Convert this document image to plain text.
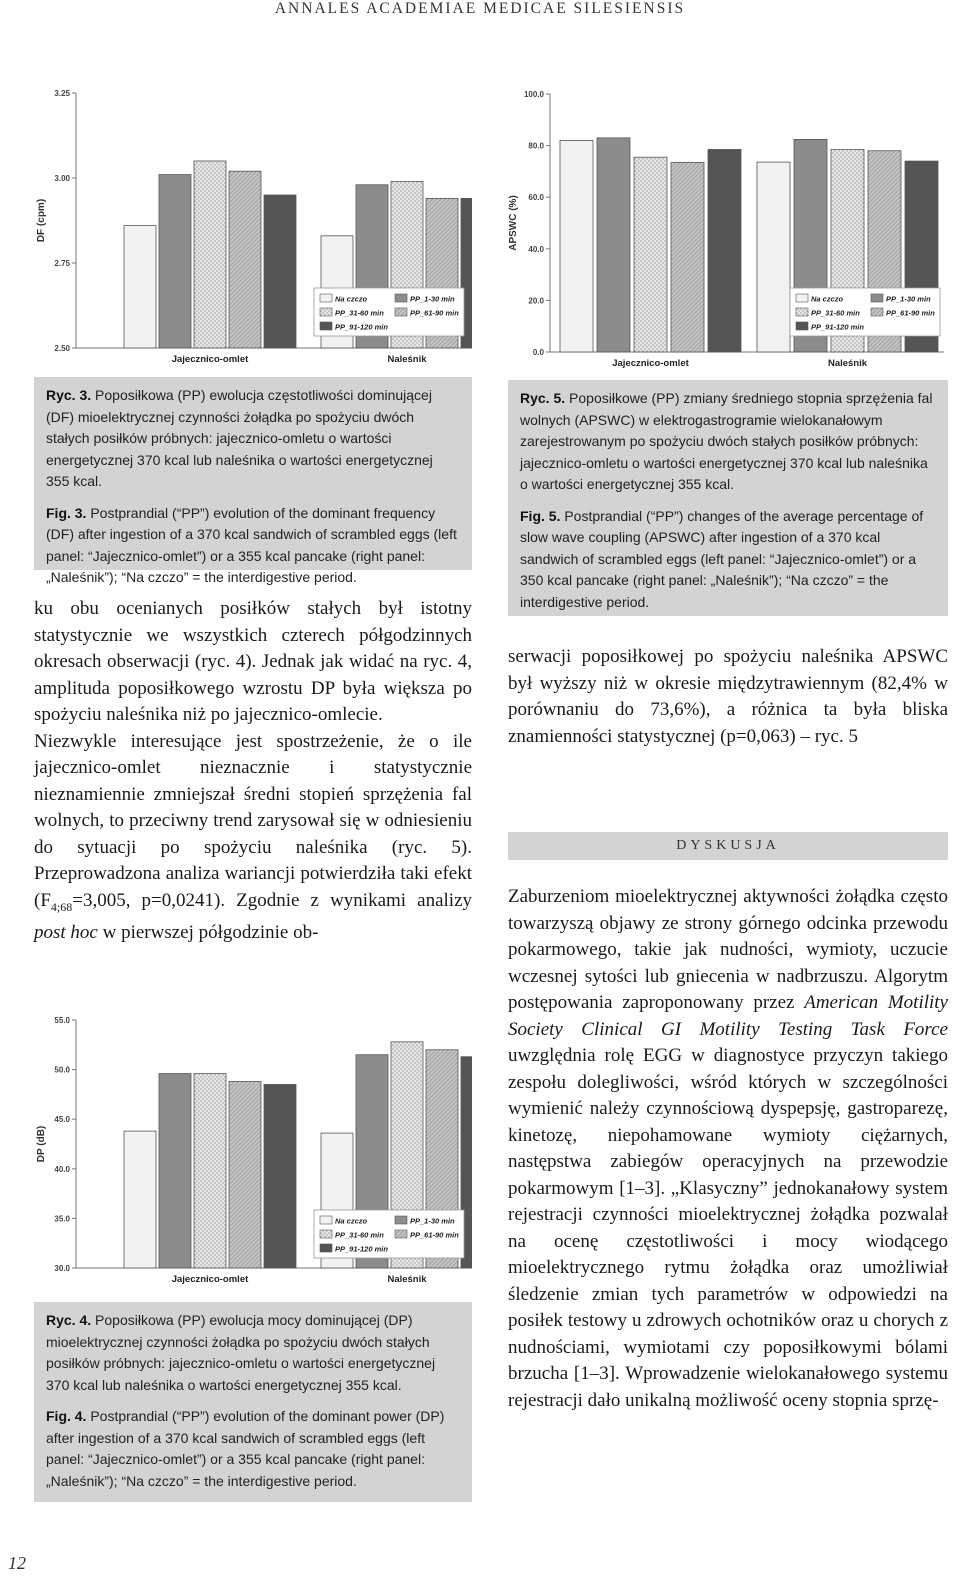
ANNALES ACADEMIAE MEDICAE SILESIENSIS
2.50
2.75
3.00
3.25
DF (cpm)
Jajecznico-omlet	Naleśnik
Na czczo	PP_1-30 min
PP_31-60 min	PP_61-90 min
PP_91-120 min

Ryc. 3. Poposiłkowa (PP) ewolucja częstotliwości dominującej (DF) mioelektrycznej czynności żołądka po spożyciu dwóch stałych posiłków próbnych: jajecznico-omletu o wartości energetycznej 370 kcal lub naleśnika o wartości energetycznej 355 kcal.

Fig. 3. Postprandial (“PP”) evolution of the dominant frequency (DF) after ingestion of a 370 kcal sandwich of scrambled eggs (left panel: “Jajecznico-omlet”) or a 355 kcal pancake (right panel: „Naleśnik”); “Na czczo” = the interdigestive period.

0.0
20.0
40.0
60.0
80.0
100.0
APSWC (%)
Jajecznico-omlet	Naleśnik
Na czczo	PP_1-30 min
PP_31-60 min	PP_61-90 min
PP_91-120 min

Ryc. 5. Poposiłkowe (PP) zmiany średniego stopnia sprzężenia fal wolnych (APSWC) w elektrogastrogramie wielokanałowym zarejestrowanym po spożyciu dwóch stałych posiłków próbnych: jajecznico-omletu o wartości energetycznej 370 kcal lub naleśnika o wartości energetycznej 355 kcal.

Fig. 5. Postprandial (“PP”) changes of the average percentage of slow wave coupling (APSWC) after ingestion of a 370 kcal sandwich of scrambled eggs (left panel: “Jajecznico-omlet”) or a 350 kcal pancake (right panel: „Naleśnik”); “Na czczo” = the interdigestive period.

ku obu ocenianych posiłków stałych był istotny statystycznie we wszystkich czterech półgodzinnych okresach obserwacji (ryc. 4). Jednak jak widać na ryc. 4, amplituda poposiłkowego wzrostu DP była większa po spożyciu naleśnika niż po jajecznico-omlecie.

Niezwykle interesujące jest spostrzeżenie, że o ile jajecznico-omlet nieznacznie i statystycznie nieznamiennie zmniejszał średni stopień sprzężenia fal wolnych, to przeciwny trend zarysował się w odniesieniu do sytuacji po spożyciu naleśnika (ryc. 5). Przeprowadzona analiza wariancji potwierdziła taki efekt ($F_{4;68}=3,005$, p=0,0241). Zgodnie z wynikami analizy post hoc w pierwszej półgodzinie ob-

30.0
35.0
40.0
45.0
50.0
55.0
DP (dB)
Jajecznico-omlet	Naleśnik
Na czczo	PP_1-30 min
PP_31-60 min	PP_61-90 min
PP_91-120 min

Ryc. 4. Poposiłkowa (PP) ewolucja mocy dominującej (DP) mioelektrycznej czynności żołądka po spożyciu dwóch stałych posiłków próbnych: jajecznico-omletu o wartości energetycznej 370 kcal lub naleśnika o wartości energetycznej 355 kcal.

Fig. 4. Postprandial (“PP”) evolution of the dominant power (DP) after ingestion of a 370 kcal sandwich of scrambled eggs (left panel: “Jajecznico-omlet”) or a 355 kcal pancake (right panel: „Naleśnik”); “Na czczo” = the interdigestive period.

serwacji poposiłkowej po spożyciu naleśnika APSWC był wyższy niż w okresie międzytrawiennym (82,4% w porównaniu do 73,6%), a różnica ta była bliska znamienności statystycznej (p=0,063) – ryc. 5

DYSKUSJA

Zaburzeniom mioelektrycznej aktywności żołądka często towarzyszą objawy ze strony górnego odcinka przewodu pokarmowego, takie jak nudności, wymioty, uczucie wczesnej sytości lub gniecenia w nadbrzuszu. Algorytm postępowania zaproponowany przez American Motility Society Clinical GI Motility Testing Task Force uwzględnia rolę EGG w diagnostyce przyczyn takiego zespołu dolegliwości, wśród których w szczególności wymienić należy czynnościową dyspepsję, gastroparezę, kinetozę, niepohamowane wymioty ciężarnych, następstwa zabiegów operacyjnych na przewodzie pokarmowym [1–3]. „Klasyczny” jednokanałowy system rejestracji czynności mioelektrycznej żołądka pozwalał na ocenę częstotliwości i mocy wiodącego mioelektrycznego rytmu żołądka oraz umożliwiał śledzenie zmian tych parametrów w odpowiedzi na posiłek testowy u zdrowych ochotników oraz u chorych z nudnościami, wymiotami czy poposiłkowymi bólami brzucha [1–3]. Wprowadzenie wielokanałowego systemu rejestracji dało unikalną możliwość oceny stopnia sprzę-

12
